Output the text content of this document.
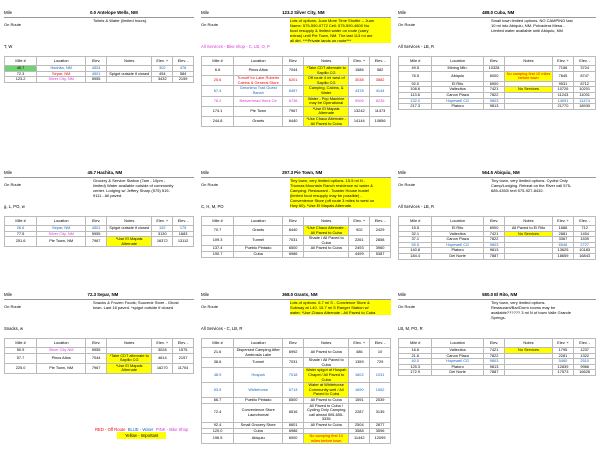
Mile	0.0 Antelope Wells, NM
On Route
Toilets & Water (limited hours).
T, W
Mile #	Location	Elev.	Notes	Elev. +	Elev. -
45.7	Hachita, NM	4524		302	476
72.3	Separ, NM	4501	Spigot outside if closed	454	584
123.2	Silver City, NM	5955		3432	2159
Mile	123.2 Silver City, NM
On Route
Lots of options. Juan More Time Shuttle -- Juan
Name: 575-590-0772 Cell: 575-590-4800 No
food resupply & limited water on route (carry
extras) until Pie Town, NM. The last 113 mi are
all dirt. ***Private lands on route***
All Services - Bike shop - C, LB, O, P
Mile #	Location	Elev.	Notes	Elev. +	Elev. -
6.6	Pinos Altos	7044	*Take CDT alternate to Sapillo CG	1586	582
25.6	Turnoff for Lake Roberts Cabins & General Store	6201	Off route 4 mi west of Sapillo CG	3038	3882
67.4	Geronimo Trail Guest Ranch	6457	Camping, Cabins, & Water	4378	4144
76.2	Beaverhead Work Ctr	6736	Water - Pop Machine may be Operational	9006	8235
174.1	Pie Town	7967	*Use El Mapais Alternate	13242	11473
244.8	Grants	6440	*Use Chaco Alternate - All Paved to Cuba	14144	10856
Mile	488.0 Cuba, NM
On Route
Small town limited options. NO CAMPING last
10 mi into Abiquiu, NM. Polvadera Mesa -
Limited water available until Abiquiu, NM
All Services - LB, R
Mile #	Location	Elev.	Notes	Elev. +	Elev. -
49.5	Mining Mtn.	10328		7156	3724
76.5	Abiquiu	6000	No camping first 10 miles before town	7845	8747
92.0	El Rito	6900		9531	8712
108.6	Vallecitos	7421	No Services	10726	10201
113.6	Canon Plaza	7822		11243	11001
132.0	Hopewell CG	9803		14091	11474
217.3	Platoro	9813		21770	18930
Mile	45.7 Hachita, NM
On Route
Grocery & Service Station (7am - 10pm -
limited) Water available outside of community
center. Lodging w/ Jeffery Sharp (575) 519-
9111 - All paved.
g, L, PO, w
Mile #	Location	Elev.	Notes	Elev. +	Elev. -
26.6	Separ, NM	4501	Spigot outside if closed	152	175
77.5	Silver City, NM	5955		3130	1683
251.6	Pie Town, NM	7967	*Use El Mapais Alternate	16372	13112
Mile	297.3 Pie Town, NM
On Route
Tiny town, very limited options. 15.5 mi N -
Thomas Mountain Ranch residence w/ water &
Camping. Restaurant - Toaster House hostel
(limited food resupply may be possible) -
Convenience Store (off route 3 miles to west on
Hwy 60). *Use El Mapais Alternate.
C, H, M, PO
Mile #	Location	Elev.	Notes	Elev. +	Elev. -
70.7	Grants	6440	*Use Chaco Alternate - All Paved to Cuba	902	2429
109.3	Tunnel	7031	Shade / All Paved to Cuba	2261	2858
137.4	Pueblo Pintado	6500	All Paved to Cuba	2493	3960
190.7	Cuba	6986		4499	5387
Mile	564.5 Abiquiu, NM
On Route
Tiny town, very limited options. Cyclist Only
Camp/Lodging. Retreat on the River call 575-
685-4353/ text 575-927-8432.
All Services - LB, R
Mile #	Location	Elev.	Notes	Elev. +	Elev. -
15.5	El Rito	6900	All Paved to El Rito	1686	712
32.1	Vallecitos	7421	No Services	2881	1454
37.1	Canon Plaza	7822		3367	1539
55.5	Hopewell CG	9803		6546	2727
140.8	Platoro	9813		13625	10183
184.4	Del Norte	7887		18659	16843
Mile	72.3 Separ, NM
On Route
Snacks & Frozen Foods; Souvenir Store - Ghost
town. Last 16 paved. *spigot outside if closed
Snacks, w
Mile #	Location	Elev.	Notes	Elev. +	Elev. -
50.9	Silver City NM	5955		3028	1575
57.7	Pinos Altos	7044	*Take CDT alternate to Sapillo CG	4614	2157
225.0	Pie Town, NM	7967	*Use El Mapais Alternate	16270	11704
Mile	368.0 Grants, NM
On Route
Lots of options. 6.7 mi S - Convience Store &
Subway at I-40. 15.7 mi S Ranger Station w/
water. *Use Chaco Alternate - All Paved to Cuba
All Services - C, LB, R
Mile #	Location	Elev.	Notes	Elev. +	Elev. -
21.6	Dispersed Camping After Ambrosia Lake	6992	All Paved to Cuba	486	10
38.6	Tunnel	7031	Shade / All Paved to Cuba	1359	729
48.9	Hospah	7018	Water spigot at Hospah Chapel / All Paved to Cuba	1602	1031
53.9	Whitehorse	6713	Water at Whitehorse Community well / All Paved to Cuba	1690	1552
66.7	Pueblo Pintado	6500	All Paved to Cuba	1591	2539
72.4	Convenience Store Laundromat	6516	All Paved to Cuba / Cycling Only Camping call ahead 505-655-3335	2287	3139
92.4	Small Grocery Store	6601	All Paved to Cuba	2504	2877
120.0	Cuba	6986		3588	3596
196.5	Abiquiu	6000	No camping first 10 miles before town	11442	12095
Mile	580.0 El Rito, NM
On Route
Tiny town, very limited options.
Restaurant/Bar/Dorm rooms may be
available?????? 3 mi N of town Valle Grande
Springs.
LB, M, PO, R
Mile #	Location	Elev.	Notes	Elev. +	Elev. -
16.6	Vallecitos	7421	No Services	1795	1237
21.6	Canon Plaza	7822		2281	1322
40.0	Hopewell CG	9803		5460	2510
125.3	Platoro	9813		12839	9966
172.9	Del Norte	7887		17573	16626
RED - Off Route BLUE - Water PINK - Bike Shop
Yellow - Important
